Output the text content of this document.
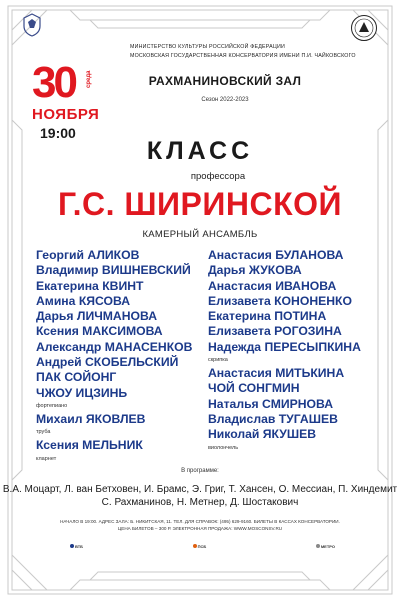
МИНИСТЕРСТВО КУЛЬТУРЫ РОССИЙСКОЙ ФЕДЕРАЦИИ
МОСКОВСКАЯ ГОСУДАРСТВЕННАЯ КОНСЕРВАТОРИЯ ИМЕНИ П.И. ЧАЙКОВСКОГО
30 среда
НОЯБРЯ
19:00
РАХМАНИНОВСКИЙ ЗАЛ
Сезон 2022-2023
КЛАСС
профессора
Г.С. ШИРИНСКОЙ
КАМЕРНЫЙ АНСАМБЛЬ
Георгий АЛИКОВ
Владимир ВИШНЕВСКИЙ
Екатерина КВИНТ
Амина КЯСОВА
Дарья ЛИЧМАНОВА
Ксения МАКСИМОВА
Александр МАНАСЕНКОВ
Андрей СКОБЕЛЬСКИЙ
ПАК СОЙОНГ
ЧЖОУ ИЦЗИНЬ
фортепиано
Михаил ЯКОВЛЕВ
труба
Ксения МЕЛЬНИК
кларнет
Анастасия БУЛАНОВА
Дарья ЖУКОВА
Анастасия ИВАНОВА
Елизавета КОНОНЕНКО
Екатерина ПОТИНА
Елизавета РОГОЗИНА
Надежда ПЕРЕСЫПКИНА
скрипка
Анастасия МИТЬКИНА
ЧОЙ СОНГМИН
Наталья СМИРНОВА
Владислав ТУГАШЕВ
Николай ЯКУШЕВ
виолончель
В программе:
В.А. Моцарт, Л. ван Бетховен, И. Брамс, Э. Григ, Т. Хансен, О. Мессиан, П. Хиндемит
С. Рахманинов, Н. Метнер, Д. Шостакович
НАЧАЛО В 19:00. АДРЕС ЗАЛА: Б. НИКИТСКАЯ, 11. ТЕЛ. ДЛЯ СПРАВОК: (495) 629-9160. БИЛЕТЫ В КАССАХ КОНСЕРВАТОРИИ.
ЦЕНА БИЛЕТОВ – 300 Р. ЭЛЕКТРОННАЯ ПРОДАЖА: WWW.MOSCONSV.RU
ВТБ	ПСБ	МЕТРО
